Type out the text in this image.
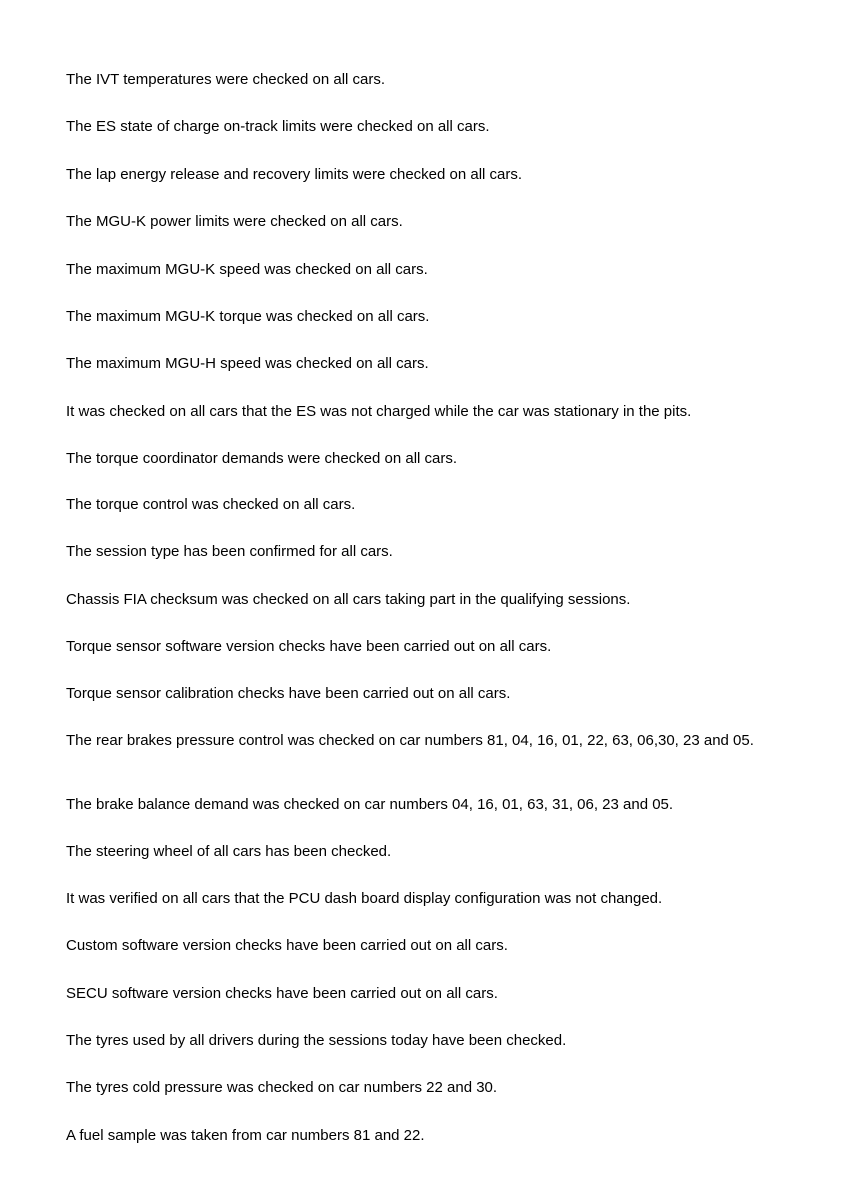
The IVT temperatures were checked on all cars.
The ES state of charge on-track limits were checked on all cars.
The lap energy release and recovery limits were checked on all cars.
The MGU-K power limits were checked on all cars.
The maximum MGU-K speed was checked on all cars.
The maximum MGU-K torque was checked on all cars.
The maximum MGU-H speed was checked on all cars.
It was checked on all cars that the ES was not charged while the car was stationary in the pits.
The torque coordinator demands were checked on all cars.
The torque control was checked on all cars.
The session type has been confirmed for all cars.
Chassis FIA checksum was checked on all cars taking part in the qualifying sessions.
Torque sensor software version checks have been carried out on all cars.
Torque sensor calibration checks have been carried out on all cars.
The rear brakes pressure control was checked on car numbers 81, 04, 16, 01, 22, 63, 06,30, 23 and 05.
The brake balance demand was checked on car numbers 04, 16, 01, 63, 31, 06, 23 and 05.
The steering wheel of all cars has been checked.
It was verified on all cars that the PCU dash board display configuration was not changed.
Custom software version checks have been carried out on all cars.
SECU software version checks have been carried out on all cars.
The tyres used by all drivers during the sessions today have been checked.
The tyres cold pressure was checked on car numbers 22 and 30.
A fuel sample was taken from car numbers 81 and 22.
